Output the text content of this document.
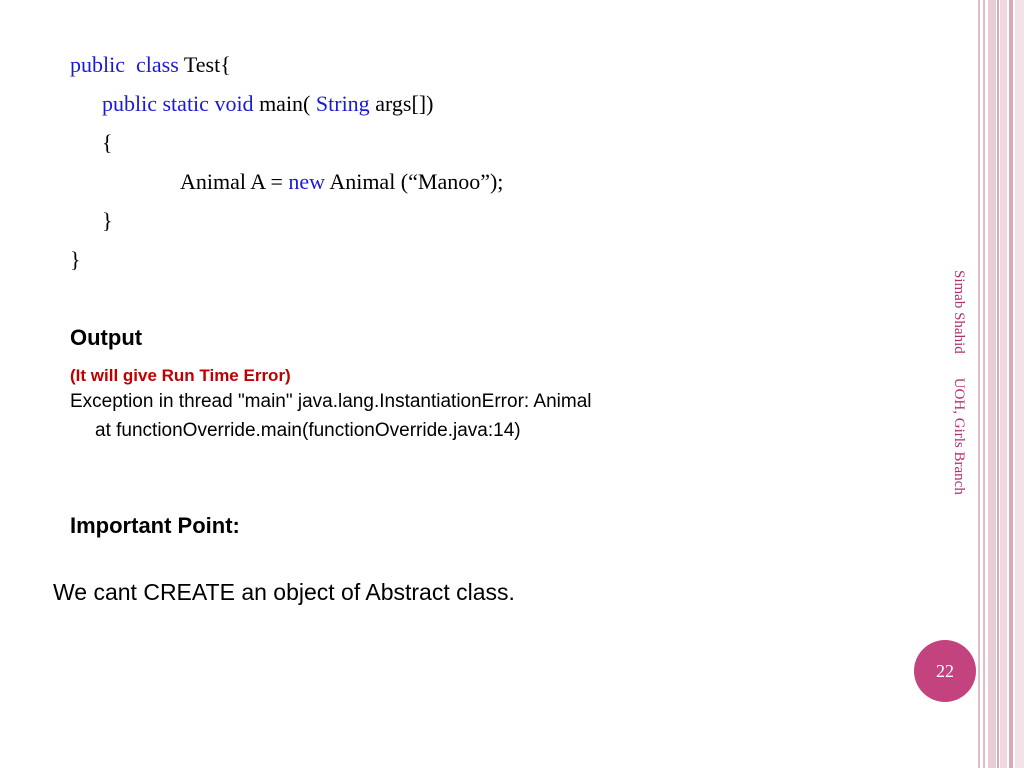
public class Test{
public static void main( String args[])
{
Animal A = new Animal (“Manoo”);
}
}
Output
(It will give Run Time Error)
Exception in thread "main" java.lang.InstantiationError: Animal
at functionOverride.main(functionOverride.java:14)
Important Point:
We cant CREATE an object of Abstract class.
Simab ShahidUOH, Girls Branch
22
